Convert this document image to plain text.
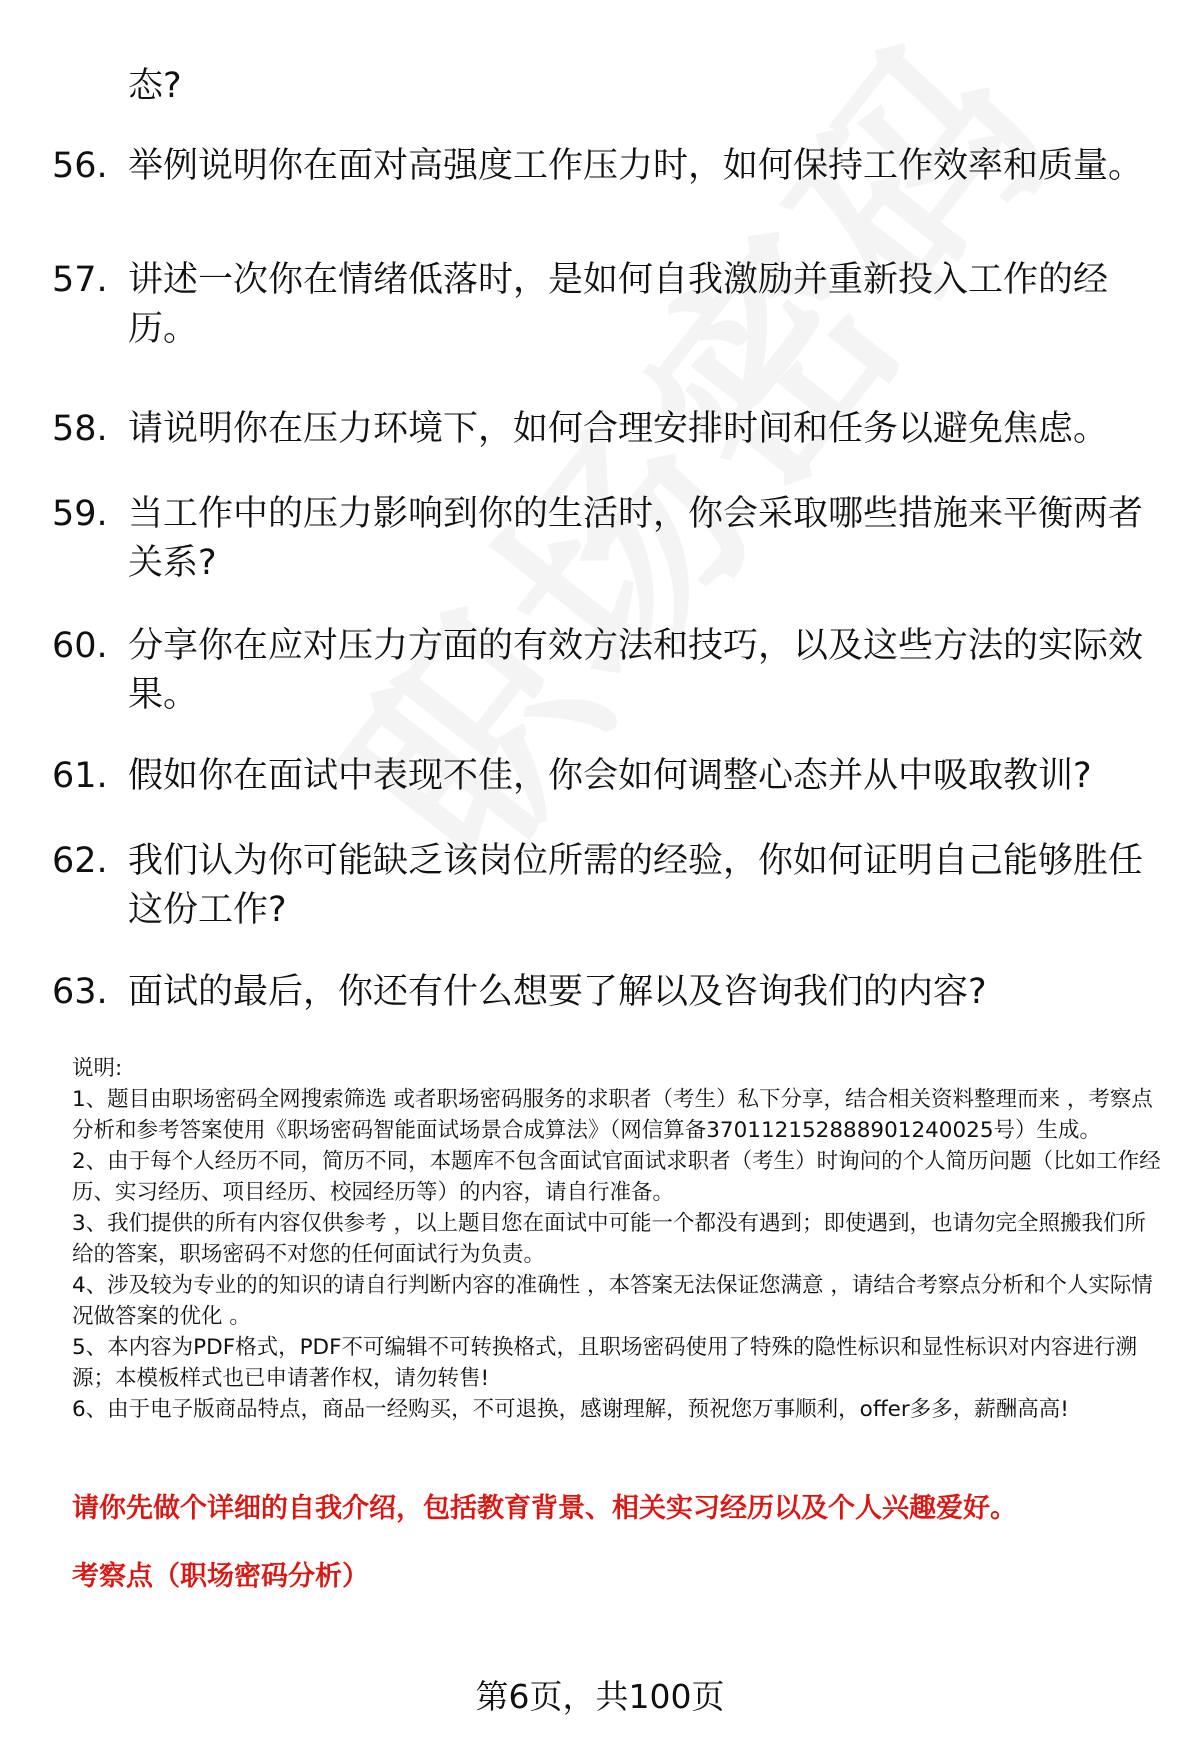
态?
56. 举例说明你在面对高强度工作压力时，如何保持工作效率和质量。
57. 讲述一次你在情绪低落时，是如何自我激励并重新投入工作的经历。
58. 请说明你在压力环境下，如何合理安排时间和任务以避免焦虑。
59. 当工作中的压力影响到你的生活时，你会采取哪些措施来平衡两者关系?
60. 分享你在应对压力方面的有效方法和技巧，以及这些方法的实际效果。
61. 假如你在面试中表现不佳，你会如何调整心态并从中吸取教训?
62. 我们认为你可能缺乏该岗位所需的经验，你如何证明自己能够胜任这份工作?
63. 面试的最后，你还有什么想要了解以及咨询我们的内容?
说明:
1、题目由职场密码全网搜索筛选 或者职场密码服务的求职者（考生）私下分享，结合相关资料整理而来 ，考察点分析和参考答案使用《职场密码智能面试场景合成算法》（网信算备370112152888901240025号）生成。
2、由于每个人经历不同，简历不同，本题库不包含面试官面试求职者（考生）时询问的个人简历问题（比如工作经历、实习经历、项目经历、校园经历等）的内容，请自行准备。
3、我们提供的所有内容仅供参考 ，以上题目您在面试中可能一个都没有遇到；即使遇到，也请勿完全照搬我们所给的答案，职场密码不对您的任何面试行为负责。
4、涉及较为专业的的知识的请自行判断内容的准确性 ，本答案无法保证您满意 ，请结合考察点分析和个人实际情况做答案的优化 。
5、本内容为PDF格式，PDF不可编辑不可转换格式，且职场密码使用了特殊的隐性标识和显性标识对内容进行溯源；本模板样式也已申请著作权，请勿转售!
6、由于电子版商品特点，商品一经购买，不可退换，感谢理解，预祝您万事顺利，offer多多，薪酬高高!
请你先做个详细的自我介绍，包括教育背景、相关实习经历以及个人兴趣爱好。
考察点（职场密码分析）
第6页，共100页
